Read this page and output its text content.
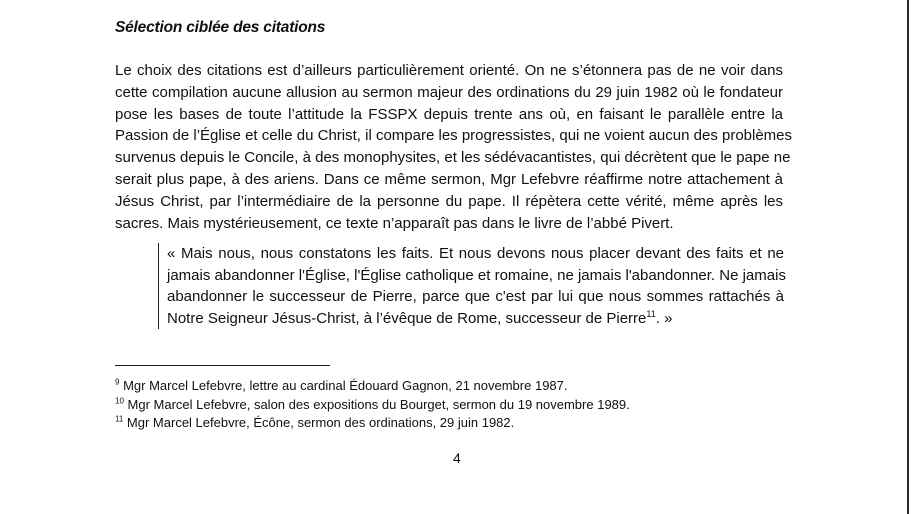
Sélection ciblée des citations
Le choix des citations est d’ailleurs particulièrement orienté. On ne s’étonnera pas de ne voir dans
cette compilation aucune allusion au sermon majeur des ordinations du 29 juin 1982 où le fondateur
pose les bases de toute l’attitude la FSSPX depuis trente ans où, en faisant le parallèle entre la
Passion de l’Église et celle du Christ, il compare les progressistes, qui ne voient aucun des problèmes
survenus depuis le Concile, à des monophysites, et les sédévacantistes, qui décrètent que le pape ne
serait plus pape, à des ariens. Dans ce même sermon, Mgr Lefebvre réaffirme notre attachement à
Jésus Christ, par l’intermédiaire de la personne du pape. Il répètera cette vérité, même après les
sacres. Mais mystérieusement, ce texte n’apparaît pas dans le livre de l’abbé Pivert.
« Mais nous, nous constatons les faits. Et nous devons nous placer devant des faits et ne
jamais abandonner l'Église, l'Église catholique et romaine, ne jamais l'abandonner. Ne jamais
abandonner le successeur de Pierre, parce que c'est par lui que nous sommes rattachés à
Notre Seigneur Jésus-Christ, à l’évêque de Rome, successeur de Pierre$^{11}$. »
$^9$ Mgr Marcel Lefebvre, lettre au cardinal Édouard Gagnon, 21 novembre 1987.
$^{10}$ Mgr Marcel Lefebvre, salon des expositions du Bourget, sermon du 19 novembre 1989.
$^{11}$ Mgr Marcel Lefebvre, Écône, sermon des ordinations, 29 juin 1982.
4
